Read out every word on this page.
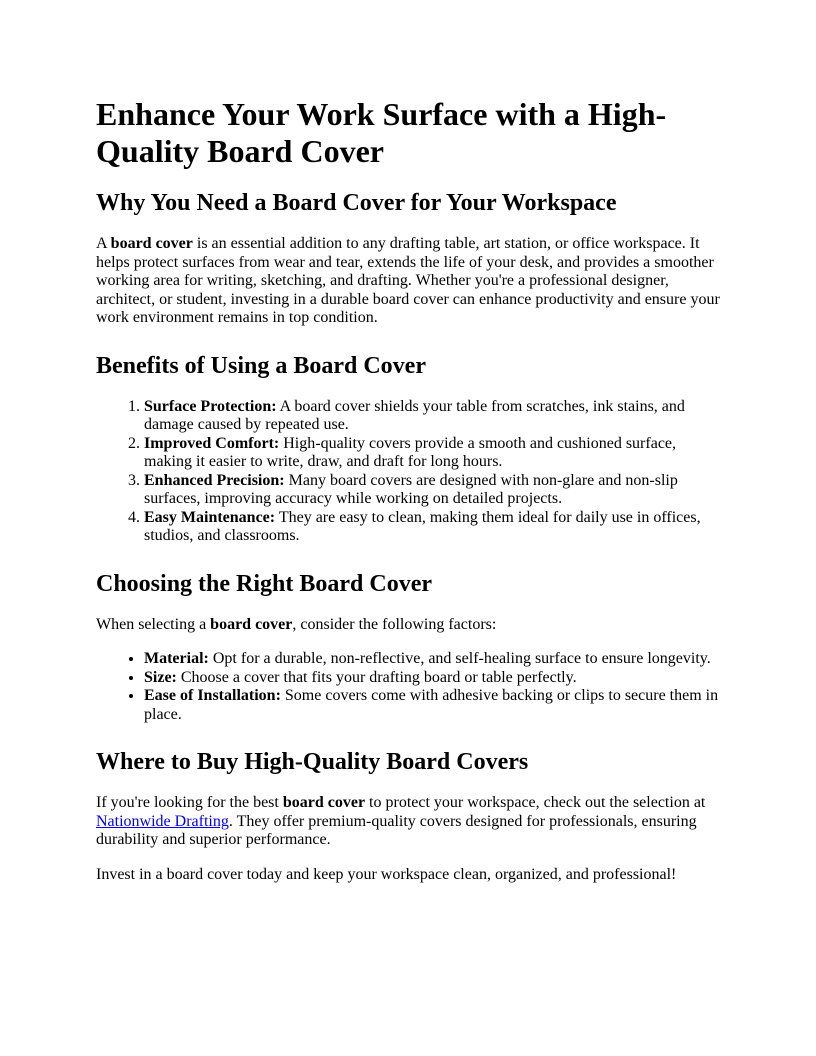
Enhance Your Work Surface with a High-Quality Board Cover
Why You Need a Board Cover for Your Workspace

A board cover is an essential addition to any drafting table, art station, or office workspace. It helps protect surfaces from wear and tear, extends the life of your desk, and provides a smoother working area for writing, sketching, and drafting. Whether you're a professional designer, architect, or student, investing in a durable board cover can enhance productivity and ensure your work environment remains in top condition.

Benefits of Using a Board Cover
1. Surface Protection: A board cover shields your table from scratches, ink stains, and damage caused by repeated use.
2. Improved Comfort: High-quality covers provide a smooth and cushioned surface, making it easier to write, draw, and draft for long hours.
3. Enhanced Precision: Many board covers are designed with non-glare and non-slip surfaces, improving accuracy while working on detailed projects.
4. Easy Maintenance: They are easy to clean, making them ideal for daily use in offices, studios, and classrooms.
Choosing the Right Board Cover

When selecting a board cover, consider the following factors:

• Material: Opt for a durable, non-reflective, and self-healing surface to ensure longevity.
• Size: Choose a cover that fits your drafting board or table perfectly.
• Ease of Installation: Some covers come with adhesive backing or clips to secure them in place.
Where to Buy High-Quality Board Covers

If you're looking for the best board cover to protect your workspace, check out the selection at Nationwide Drafting. They offer premium-quality covers designed for professionals, ensuring durability and superior performance.

Invest in a board cover today and keep your workspace clean, organized, and professional!
